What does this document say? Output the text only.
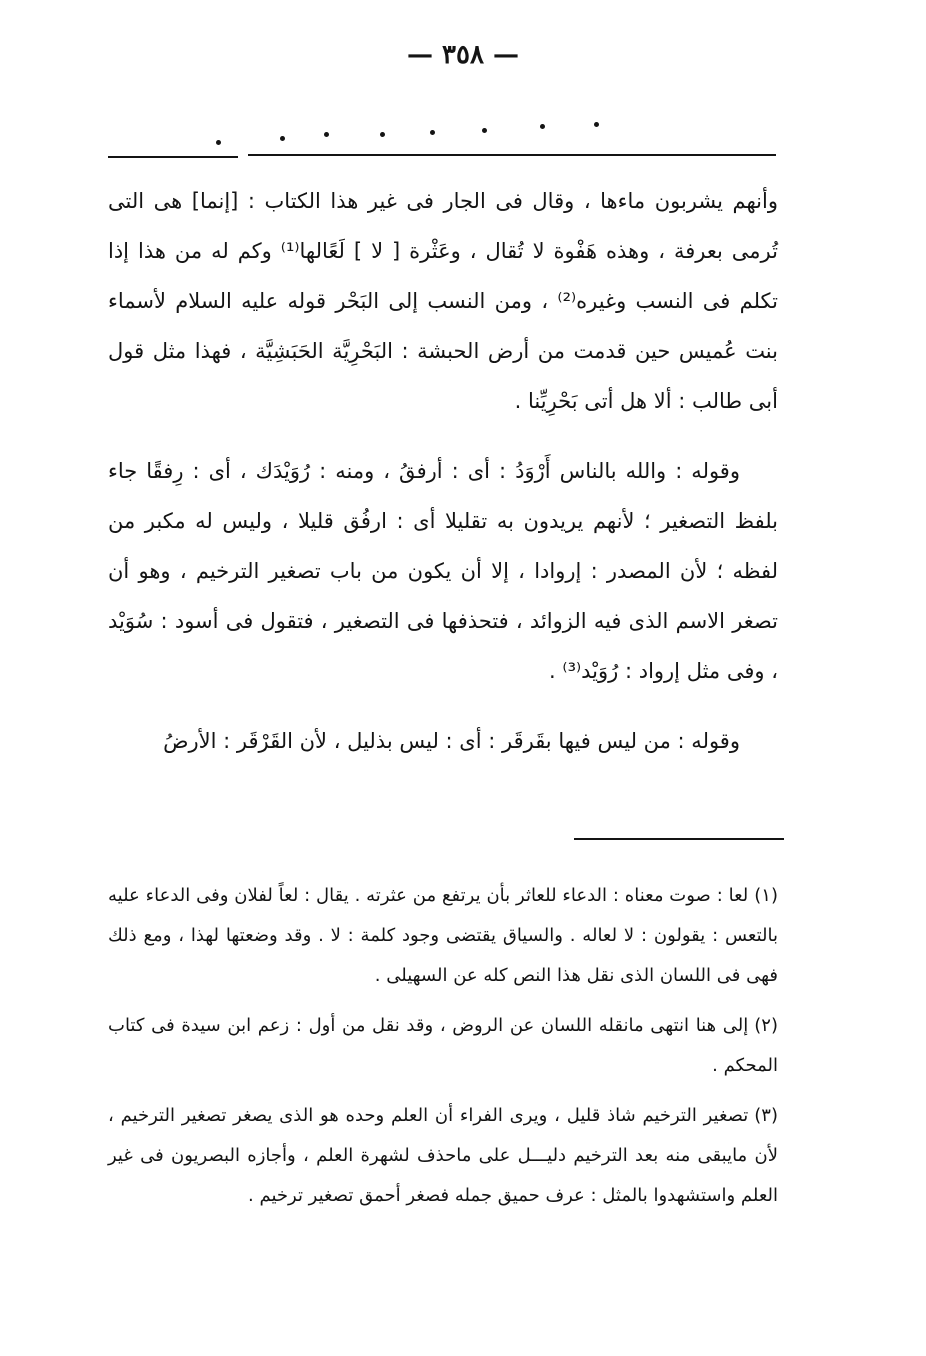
— ٣٥٨ —

وأنهم يشربون ماءها ، وقال فى الجار فى غير هذا الكتاب : [إنما] هى التى تُرمى بعرفة ، وهذه هَفْوة لا تُقال ، وعَثْرة [ لا ] لَعًالها⁽¹⁾ وكم له من هذا إذا تكلم فى النسب وغيره⁽²⁾ ، ومن النسب إلى البَحْر قوله عليه السلام لأسماء بنت عُميس حين قدمت من أرض الحبشة : البَحْرِيَّة الحَبَشِيَّة ، فهذا مثل قول أبى طالب : ألا هل أتى بَحْرِيِّنا .

وقوله : والله بالناس أَرْوَدُ : أى : أرفقُ ، ومنه : رُوَيْدَك ، أى : رِفقًا جاء بلفظ التصغير ؛ لأنهم يريدون به تقليلا أى : ارفُق قليلا ، وليس له مكبر من لفظه ؛ لأن المصدر : إروادا ، إلا أن يكون من باب تصغير الترخيم ، وهو أن تصغر الاسم الذى فيه الزوائد ، فتحذفها فى التصغير ، فتقول فى أسود : سُوَيْد ، وفى مثل إرواد : رُوَيْد⁽³⁾ .

وقوله : من ليس فيها بقَرقَر : أى : ليس بذليل ، لأن القَرْقَر : الأرضُ

(١)لعا : صوت معناه : الدعاء للعاثر بأن يرتفع من عثرته . يقال : لعاً لفلان وفى الدعاء عليه بالتعس : يقولون : لا لعاله . والسياق يقتضى وجود كلمة : لا . وقد وضعتها لهذا ، ومع ذلك فهى فى اللسان الذى نقل هذا النص كله عن السهيلى .

(٢)إلى هنا انتهى مانقله اللسان عن الروض ، وقد نقل من أول : زعم ابن سيدة فى كتاب المحكم .

(٣)تصغير الترخيم شاذ قليل ، ويرى الفراء أن العلم وحده هو الذى يصغر تصغير الترخيم ، لأن مايبقى منه بعد الترخيم دليـــل على ماحذف لشهرة العلم ، وأجازه البصريون فى غير العلم واستشهدوا بالمثل : عرف حميق جمله فصغر أحمق تصغير ترخيم .
